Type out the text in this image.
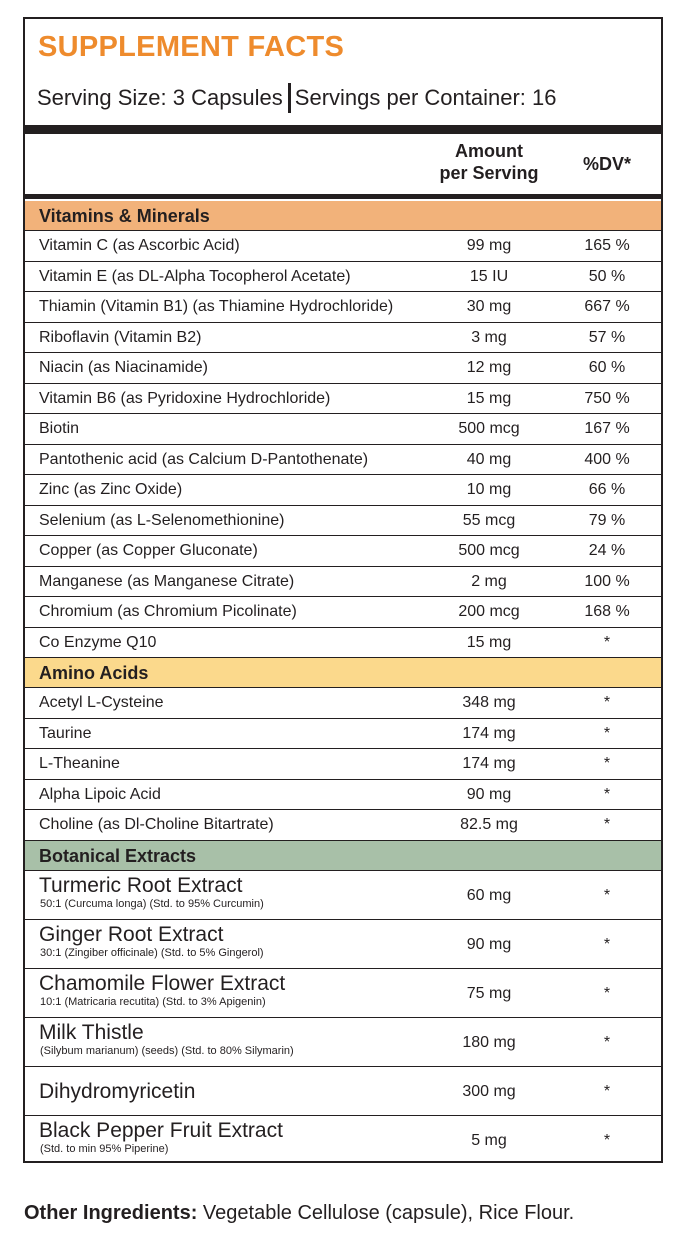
SUPPLEMENT FACTS
Serving Size: 3 Capsules Servings per Container: 16
Amount
per Serving	%DV*
Vitamins & Minerals
Vitamin C (as Ascorbic Acid)	99 mg	165 %
Vitamin E (as DL-Alpha Tocopherol Acetate)	15 IU	50 %
Thiamin (Vitamin B1) (as Thiamine Hydrochloride)	30 mg	667 %
Riboflavin (Vitamin B2)	3 mg	57 %
Niacin (as Niacinamide)	12 mg	60 %
Vitamin B6 (as Pyridoxine Hydrochloride)	15 mg	750 %
Biotin	500 mcg	167 %
Pantothenic acid (as Calcium D-Pantothenate)	40 mg	400 %
Zinc (as Zinc Oxide)	10 mg	66 %
Selenium (as L-Selenomethionine)	55 mcg	79 %
Copper (as Copper Gluconate)	500 mcg	24 %
Manganese (as Manganese Citrate)	2 mg	100 %
Chromium (as Chromium Picolinate)	200 mcg	168 %
Co Enzyme Q10	15 mg	*
Amino Acids
Acetyl L-Cysteine	348 mg	*
Taurine	174 mg	*
L-Theanine	174 mg	*
Alpha Lipoic Acid	90 mg	*
Choline (as Dl-Choline Bitartrate)	82.5 mg	*
Botanical Extracts
Turmeric Root Extract
50:1 (Curcuma longa) (Std. to 95% Curcumin)	60 mg	*
Ginger Root Extract
30:1 (Zingiber officinale) (Std. to 5% Gingerol)	90 mg	*
Chamomile Flower Extract
10:1 (Matricaria recutita) (Std. to 3% Apigenin)	75 mg	*
Milk Thistle
(Silybum marianum) (seeds) (Std. to 80% Silymarin)	180 mg	*
Dihydromyricetin	300 mg	*
Black Pepper Fruit Extract
(Std. to min 95% Piperine)	5 mg	*
Other Ingredients: Vegetable Cellulose (capsule), Rice Flour.
